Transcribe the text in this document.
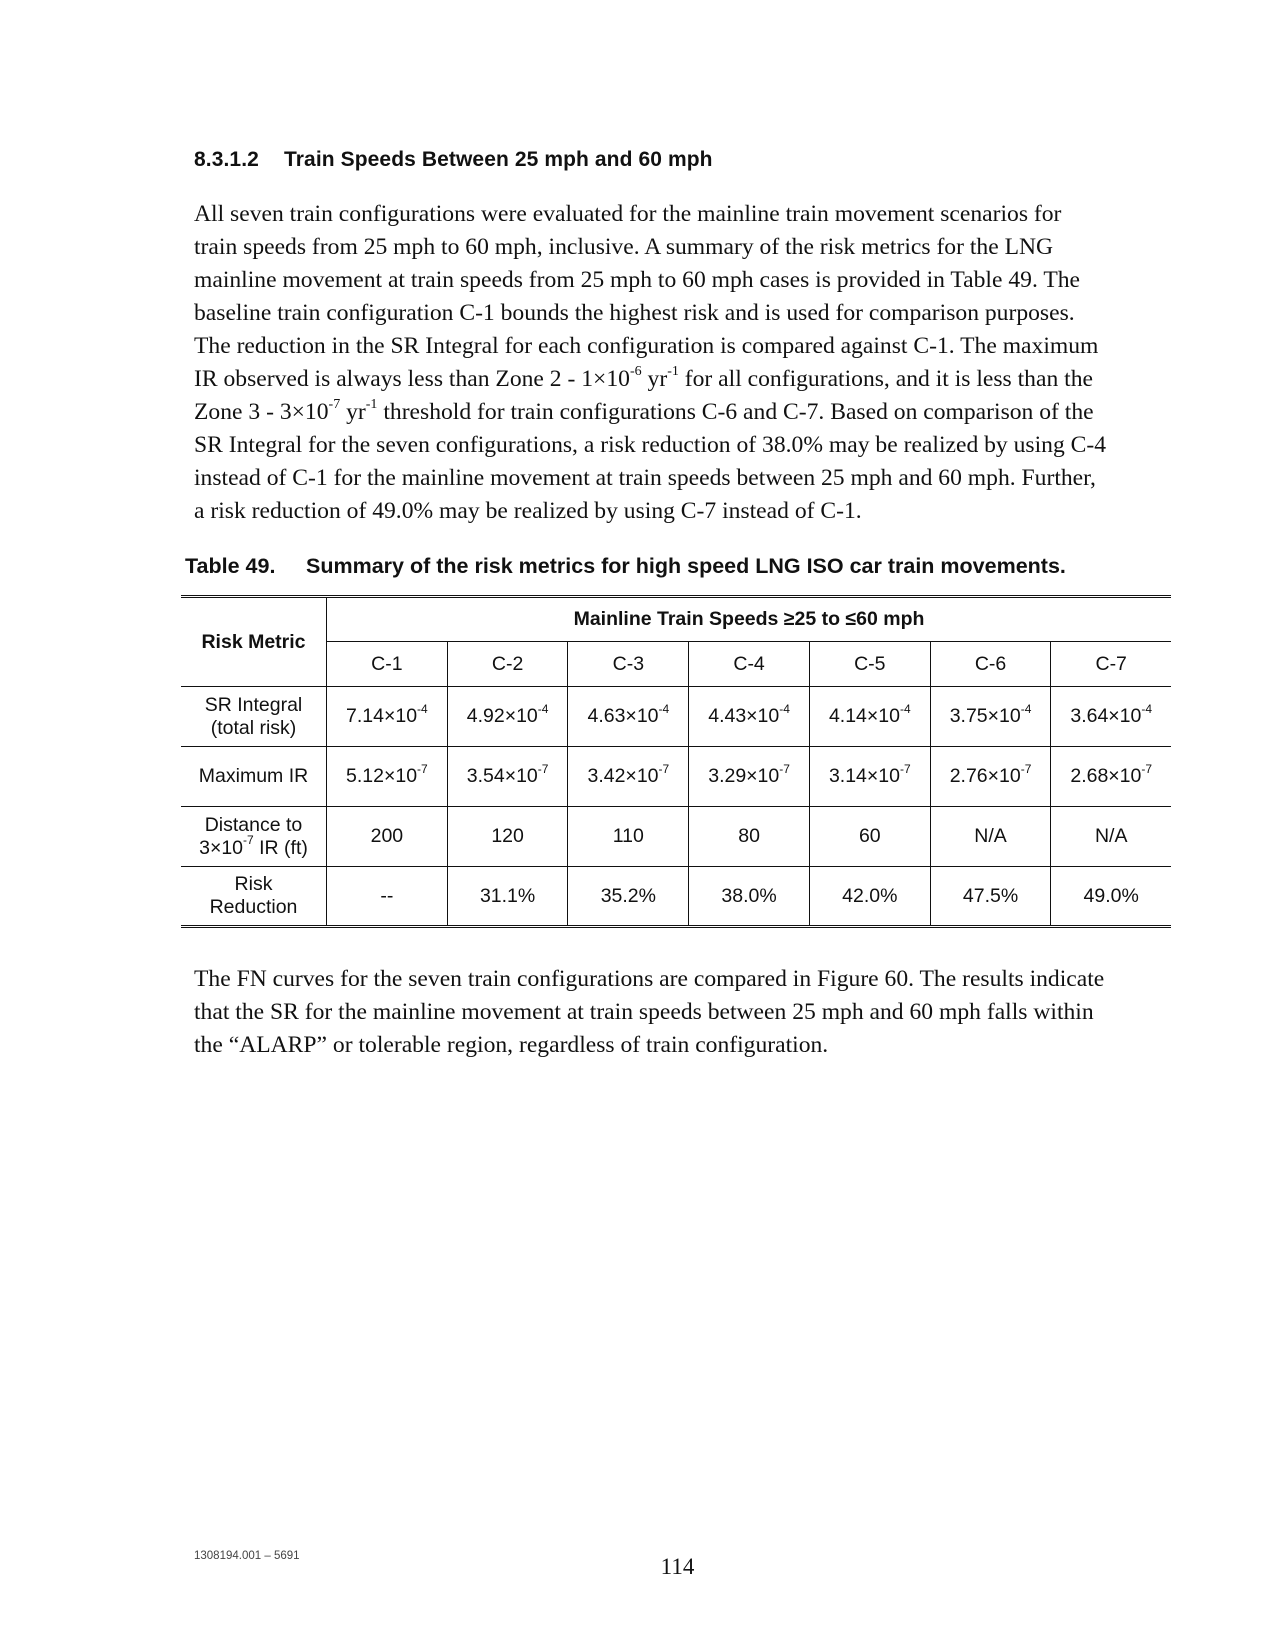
8.3.1.2 Train Speeds Between 25 mph and 60 mph

All seven train configurations were evaluated for the mainline train movement scenarios for
train speeds from 25 mph to 60 mph, inclusive. A summary of the risk metrics for the LNG
mainline movement at train speeds from 25 mph to 60 mph cases is provided in Table 49. The
baseline train configuration C-1 bounds the highest risk and is used for comparison purposes.
The reduction in the SR Integral for each configuration is compared against C-1. The maximum
IR observed is always less than Zone $2 - 1\times 10^{-6}$ $yr^{-1}$ for all configurations, and it is less than the
Zone $3 - 3\times 10^{-7}$ $yr^{-1}$ threshold for train configurations C-6 and C-7. Based on comparison of the
SR Integral for the seven configurations, a risk reduction of 38.0% may be realized by using C-4
instead of C-1 for the mainline movement at train speeds between 25 mph and 60 mph. Further,
a risk reduction of 49.0% may be realized by using C-7 instead of C-1.

Table 49. Summary of the risk metrics for high speed LNG ISO car train movements.
Risk Metric	Mainline Train Speeds ≥25 to ≤60 mph						
	C-1	C-2	C-3	C-4	C-5	C-6	C-7
SR Integral
(total risk)	$7.14\times 10^{-4}$	$4.92\times 10^{-4}$	$4.63\times 10^{-4}$	$4.43\times 10^{-4}$	$4.14\times 10^{-4}$	$3.75\times 10^{-4}$	$3.64\times 10^{-4}$
Maximum IR	$5.12\times 10^{-7}$	$3.54\times 10^{-7}$	$3.42\times 10^{-7}$	$3.29\times 10^{-7}$	$3.14\times 10^{-7}$	$2.76\times 10^{-7}$	$2.68\times 10^{-7}$
Distance to
$3\times 10^{-7}$ IR (ft)	200	120	110	80	60	N/A	N/A
Risk
Reduction	--	31.1%	35.2%	38.0%	42.0%	47.5%	49.0%

The FN curves for the seven train configurations are compared in Figure 60. The results indicate
that the SR for the mainline movement at train speeds between 25 mph and 60 mph falls within
the “ALARP” or tolerable region, regardless of train configuration.

1308194.001 – 5691	114
